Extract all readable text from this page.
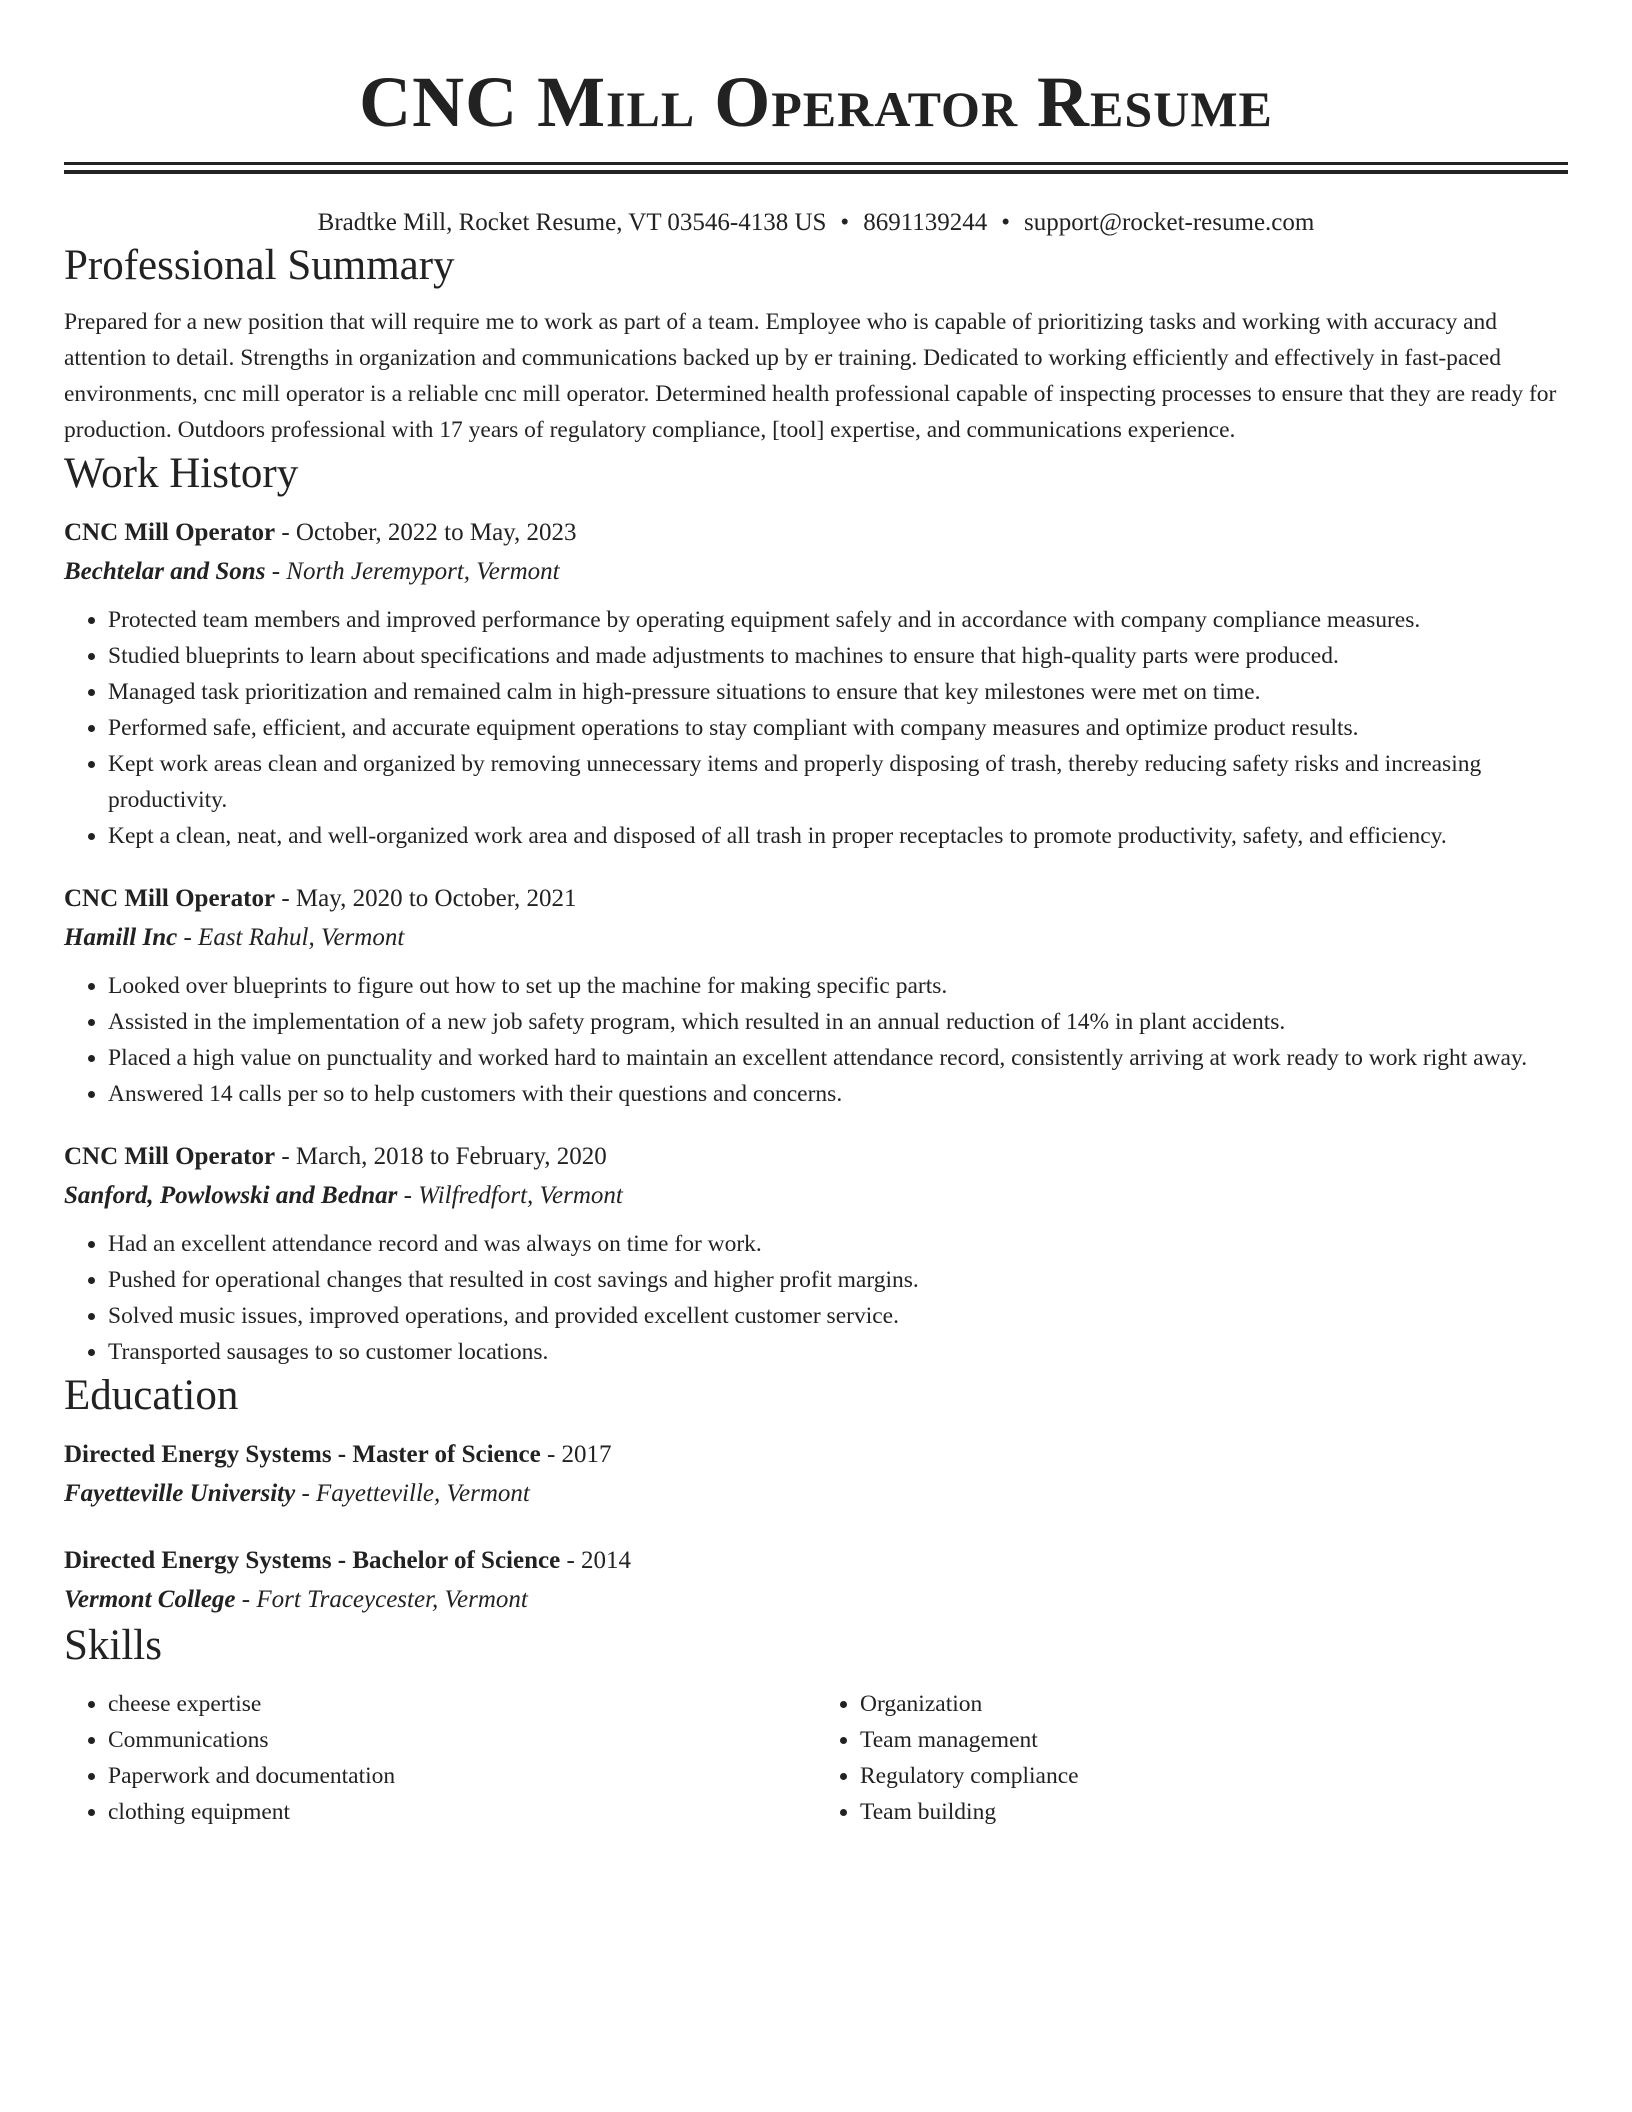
CNC Mill Operator Resume
Bradtke Mill, Rocket Resume, VT 03546-4138 US • 8691139244 • support@rocket-resume.com
Professional Summary

Prepared for a new position that will require me to work as part of a team. Employee who is capable of prioritizing tasks and working with accuracy and attention to detail. Strengths in organization and communications backed up by er training. Dedicated to working efficiently and effectively in fast-paced environments, cnc mill operator is a reliable cnc mill operator. Determined health professional capable of inspecting processes to ensure that they are ready for production. Outdoors professional with 17 years of regulatory compliance, [tool] expertise, and communications experience.

Work History
CNC Mill Operator - October, 2022 to May, 2023
Bechtelar and Sons - North Jeremyport, Vermont
• Protected team members and improved performance by operating equipment safely and in accordance with company compliance measures.
• Studied blueprints to learn about specifications and made adjustments to machines to ensure that high-quality parts were produced.
• Managed task prioritization and remained calm in high-pressure situations to ensure that key milestones were met on time.
• Performed safe, efficient, and accurate equipment operations to stay compliant with company measures and optimize product results.
• Kept work areas clean and organized by removing unnecessary items and properly disposing of trash, thereby reducing safety risks and increasing productivity.
• Kept a clean, neat, and well-organized work area and disposed of all trash in proper receptacles to promote productivity, safety, and efficiency.
CNC Mill Operator - May, 2020 to October, 2021
Hamill Inc - East Rahul, Vermont
• Looked over blueprints to figure out how to set up the machine for making specific parts.
• Assisted in the implementation of a new job safety program, which resulted in an annual reduction of 14% in plant accidents.
• Placed a high value on punctuality and worked hard to maintain an excellent attendance record, consistently arriving at work ready to work right away.
• Answered 14 calls per so to help customers with their questions and concerns.
CNC Mill Operator - March, 2018 to February, 2020
Sanford, Powlowski and Bednar - Wilfredfort, Vermont
• Had an excellent attendance record and was always on time for work.
• Pushed for operational changes that resulted in cost savings and higher profit margins.
• Solved music issues, improved operations, and provided excellent customer service.
• Transported sausages to so customer locations.
Education
Directed Energy Systems - Master of Science - 2017
Fayetteville University - Fayetteville, Vermont
Directed Energy Systems - Bachelor of Science - 2014
Vermont College - Fort Traceycester, Vermont
Skills
• cheese expertise
• Communications
• Paperwork and documentation
• clothing equipment
• Organization
• Team management
• Regulatory compliance
• Team building
